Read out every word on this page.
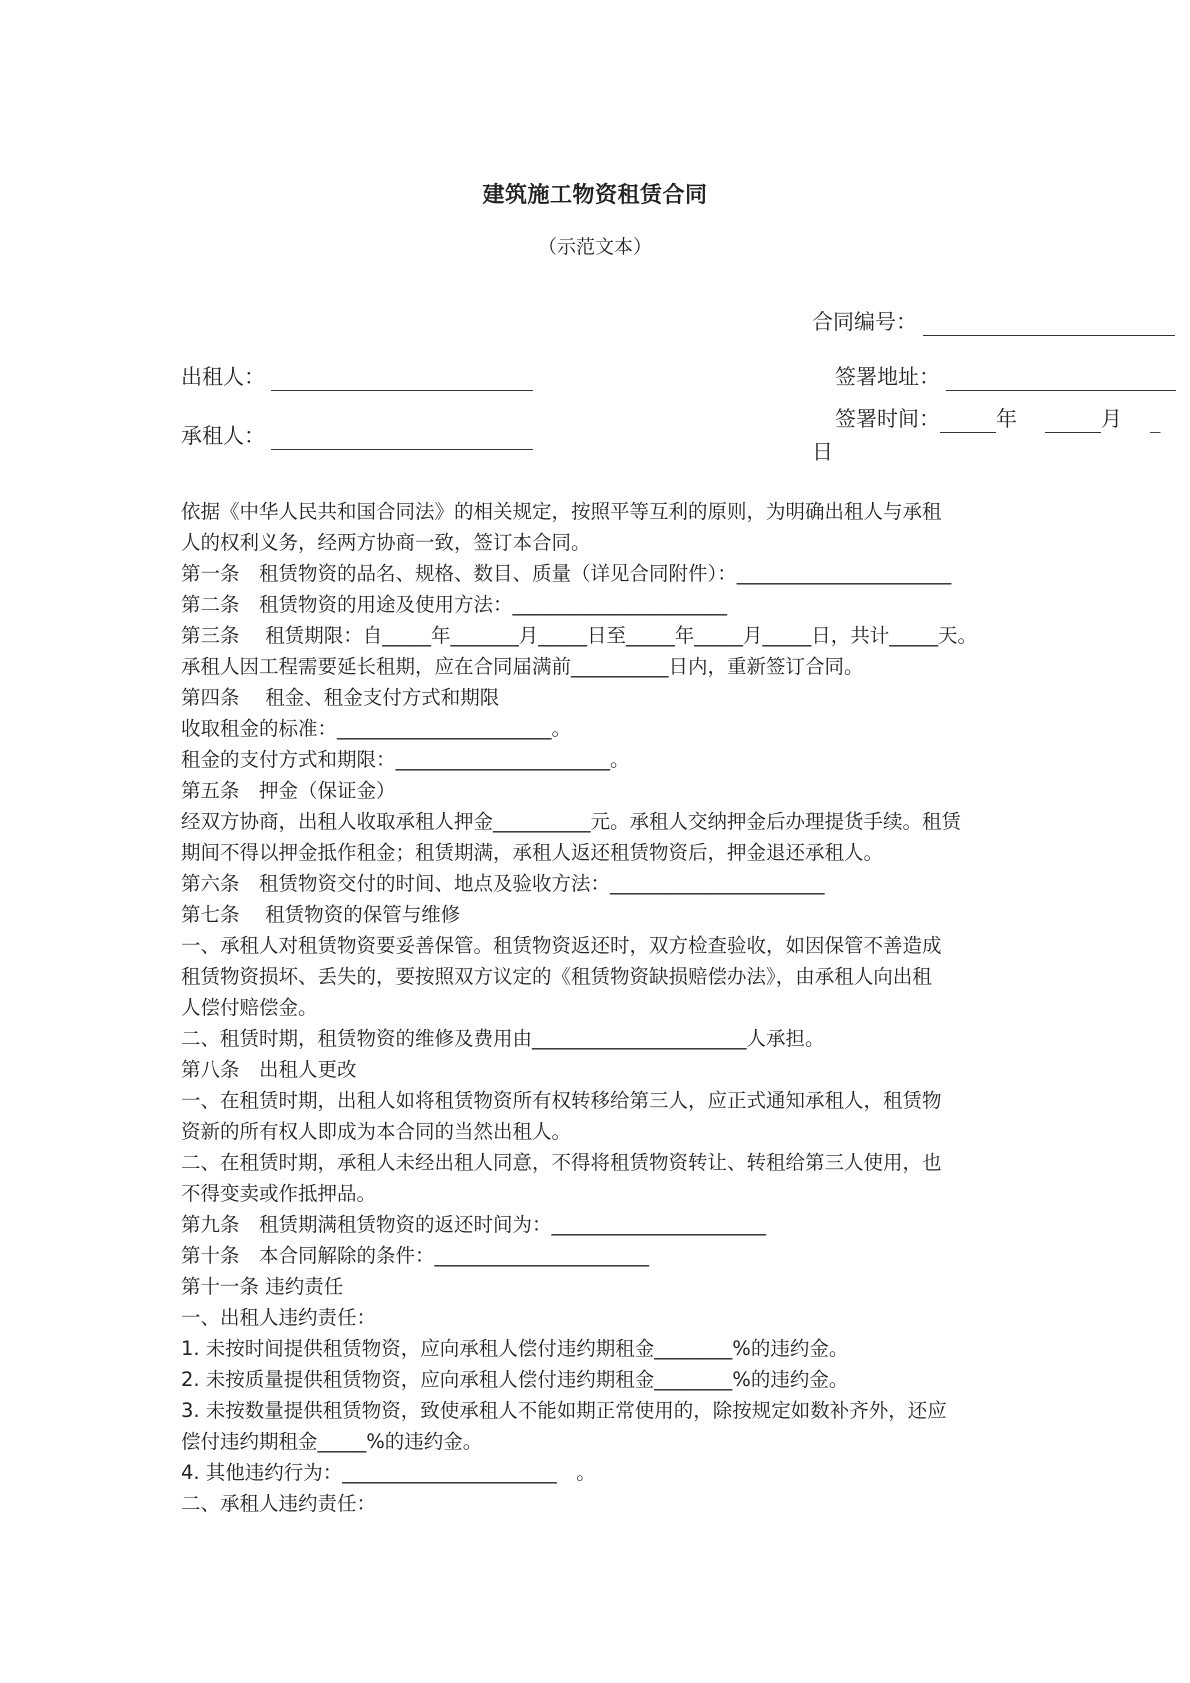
建筑施工物资租赁合同
（示范文本）
合同编号：
出租人：	签署地址：
承租人：
签署时间：	年	月 _
日

依据《中华人民共和国合同法》的相关规定，按照平等互利的原则，为明确出租人与承租

人的权利义务，经两方协商一致，签订本合同。

第一条　租赁物资的品名、规格、数目、质量（详见合同附件）：______________________

第二条　租赁物资的用途及使用方法：______________________

第三条　 租赁期限：自_____年_______月_____日至_____年_____月_____日，共计_____天。

承租人因工程需要延长租期，应在合同届满前__________日内，重新签订合同。

第四条　 租金、租金支付方式和期限

收取租金的标准：______________________。

租金的支付方式和期限：______________________。

第五条　押金（保证金）

经双方协商，出租人收取承租人押金__________元。承租人交纳押金后办理提货手续。租赁

期间不得以押金抵作租金；租赁期满，承租人返还租赁物资后，押金退还承租人。

第六条　租赁物资交付的时间、地点及验收方法：______________________

第七条　 租赁物资的保管与维修

一、承租人对租赁物资要妥善保管。租赁物资返还时，双方检查验收，如因保管不善造成

租赁物资损坏、丢失的，要按照双方议定的《租赁物资缺损赔偿办法》，由承租人向出租

人偿付赔偿金。

二、租赁时期，租赁物资的维修及费用由______________________人承担。

第八条　出租人更改

一、在租赁时期，出租人如将租赁物资所有权转移给第三人，应正式通知承租人，租赁物

资新的所有权人即成为本合同的当然出租人。

二、在租赁时期，承租人未经出租人同意，不得将租赁物资转让、转租给第三人使用，也

不得变卖或作抵押品。

第九条　租赁期满租赁物资的返还时间为：______________________

第十条　本合同解除的条件：______________________

第十一条 违约责任

一、出租人违约责任：

1. 未按时间提供租赁物资，应向承租人偿付违约期租金________%的违约金。

2. 未按质量提供租赁物资，应向承租人偿付违约期租金________%的违约金。

3. 未按数量提供租赁物资，致使承租人不能如期正常使用的，除按规定如数补齐外，还应

偿付违约期租金_____%的违约金。

4. 其他违约行为：______________________　。

二、承租人违约责任：
